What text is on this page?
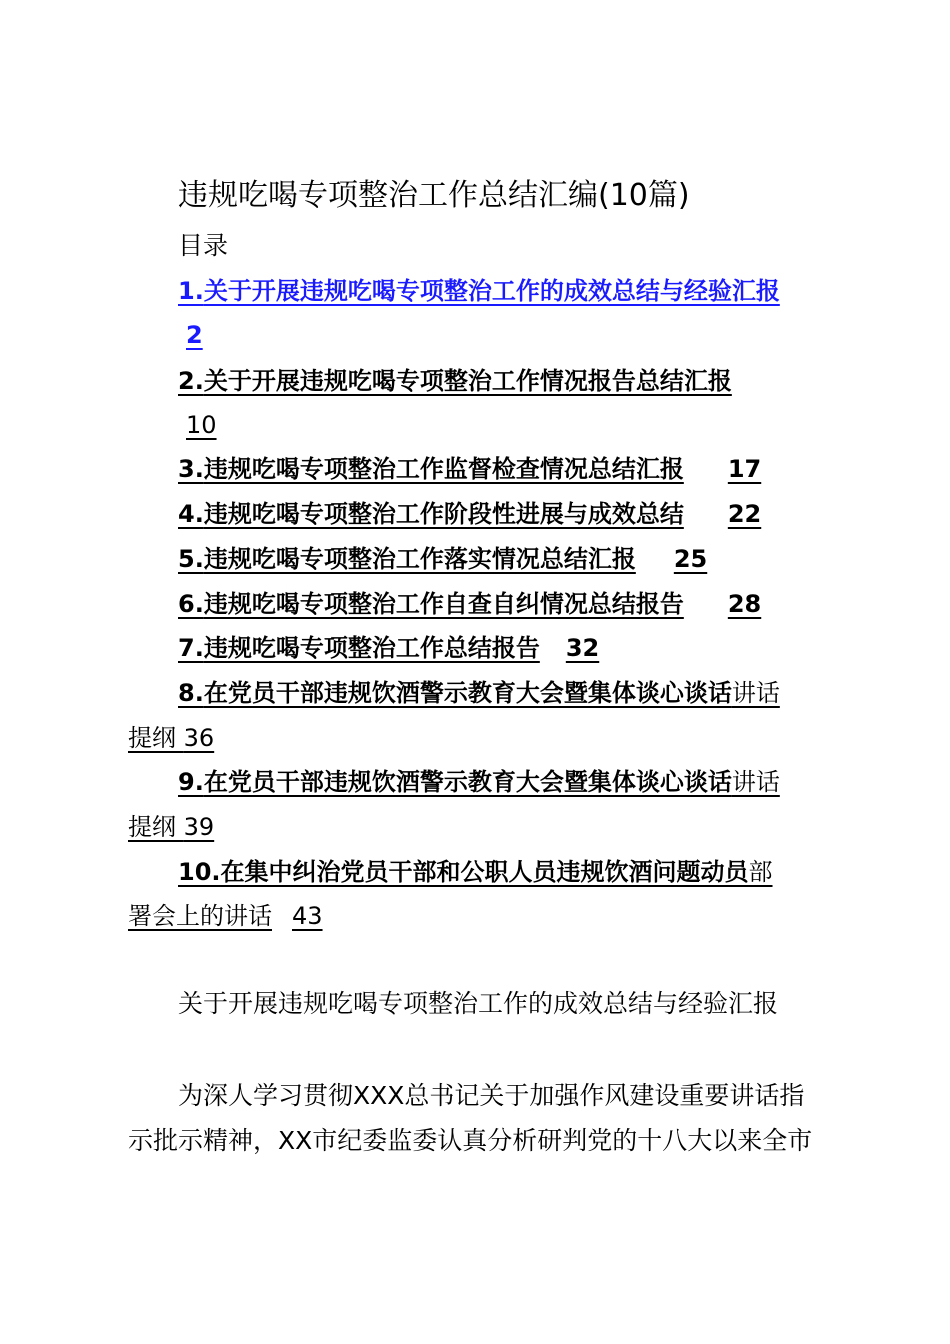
违规吃喝专项整治工作总结汇编(10篇)
目录
1.关于开展违规吃喝专项整治工作的成效总结与经验汇报
2
2.关于开展违规吃喝专项整治工作情况报告总结汇报
10
3.违规吃喝专项整治工作监督检查情况总结汇报 17
4.违规吃喝专项整治工作阶段性进展与成效总结 22
5.违规吃喝专项整治工作落实情况总结汇报 25
6.违规吃喝专项整治工作自查自纠情况总结报告 28
7.违规吃喝专项整治工作总结报告 32
8.在党员干部违规饮酒警示教育大会暨集体谈心谈话讲话
提纲 36
9.在党员干部违规饮酒警示教育大会暨集体谈心谈话讲话
提纲 39
10.在集中纠治党员干部和公职人员违规饮酒问题动员部
署会上的讲话 43
关于开展违规吃喝专项整治工作的成效总结与经验汇报
为深人学习贯彻XXX总书记关于加强作风建设重要讲话指
示批示精神，XX市纪委监委认真分析研判党的十八大以来全市
